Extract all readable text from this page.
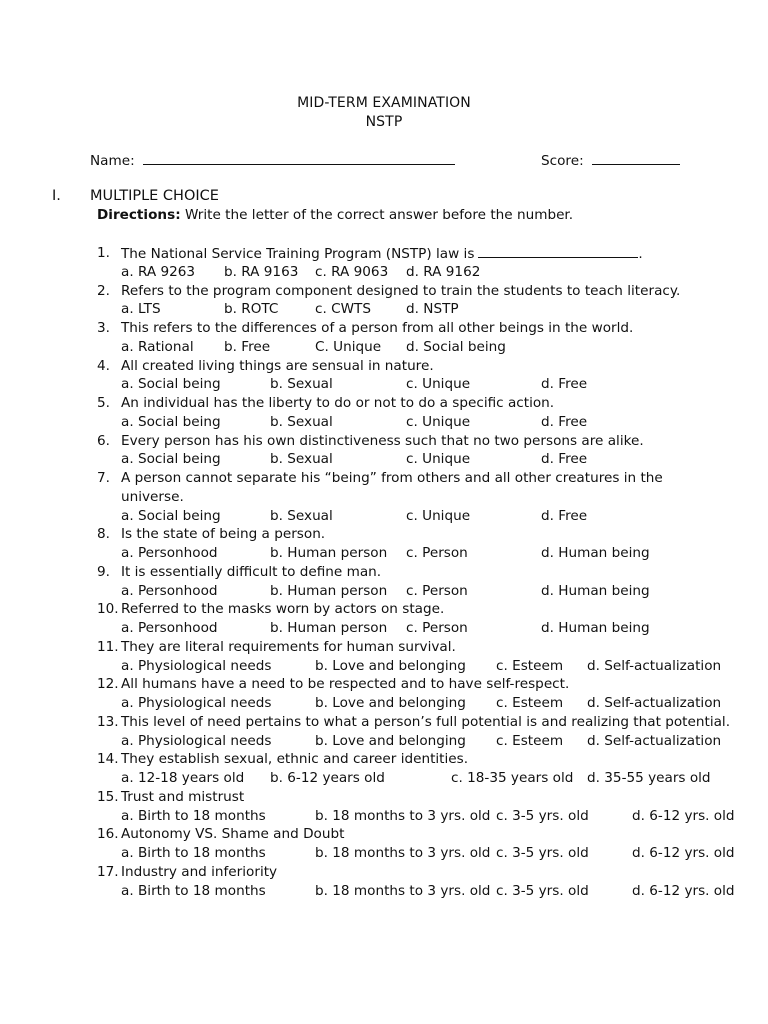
MID-TERM EXAMINATION
NSTP
Name:	Score:
I. MULTIPLE CHOICE
Directions: Write the letter of the correct answer before the number.
1. The National Service Training Program (NSTP) law is	.
a. RA 9263 b. RA 9163 c. RA 9063 d. RA 9162
2. Refers to the program component designed to train the students to teach literacy.
a. LTS	b. ROTC	c. CWTS	d. NSTP
3. This refers to the differences of a person from all other beings in the world.
a. Rational b. Free	C. Unique d. Social being
4. All created living things are sensual in nature.
a. Social being	b. Sexual	c. Unique	d. Free
5. An individual has the liberty to do or not to do a specific action.
a. Social being	b. Sexual	c. Unique	d. Free
6. Every person has his own distinctiveness such that no two persons are alike.
a. Social being	b. Sexual	c. Unique	d. Free
7. A person cannot separate his “being” from others and all other creatures in the
universe.
a. Social being	b. Sexual	c. Unique	d. Free
8. Is the state of being a person.
a. Personhood	b. Human person c. Person	d. Human being
9. It is essentially difficult to define man.
a. Personhood	b. Human person c. Person	d. Human being
10. Referred to the masks worn by actors on stage.
a. Personhood	b. Human person c. Person	d. Human being
11. They are literal requirements for human survival.
a. Physiological needs	b. Love and belonging c. Esteem d. Self-actualization
12. All humans have a need to be respected and to have self-respect.
a. Physiological needs	b. Love and belonging c. Esteem d. Self-actualization
13. This level of need pertains to what a person’s full potential is and realizing that potential.
a. Physiological needs	b. Love and belonging c. Esteem d. Self-actualization
14. They establish sexual, ethnic and career identities.
a. 12-18 years old b. 6-12 years old	c. 18-35 years old d. 35-55 years old
15. Trust and mistrust
a. Birth to 18 months	b. 18 months to 3 yrs. old c. 3-5 yrs. old	d. 6-12 yrs. old
16. Autonomy VS. Shame and Doubt
a. Birth to 18 months	b. 18 months to 3 yrs. old c. 3-5 yrs. old	d. 6-12 yrs. old
17. Industry and inferiority
a. Birth to 18 months	b. 18 months to 3 yrs. old c. 3-5 yrs. old	d. 6-12 yrs. old
